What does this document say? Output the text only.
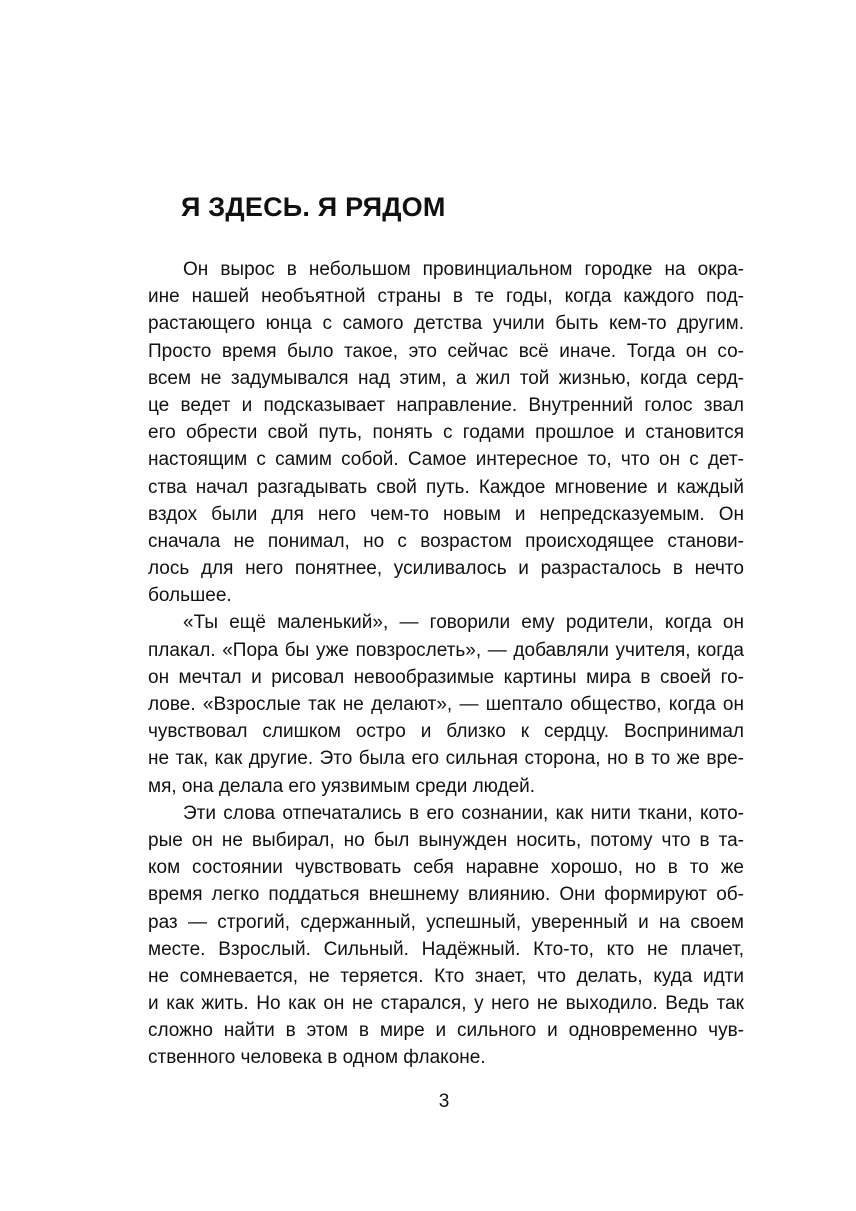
Я ЗДЕСЬ. Я РЯДОМ
Он вырос в небольшом провинциальном городке на окра-
ине нашей необъятной страны в те годы, когда каждого под-
растающего юнца с самого детства учили быть кем-то другим.
Просто время было такое, это сейчас всё иначе. Тогда он со-
всем не задумывался над этим, а жил той жизнью, когда серд-
це ведет и подсказывает направление. Внутренний голос звал
его обрести свой путь, понять с годами прошлое и становится
настоящим с самим собой. Самое интересное то, что он с дет-
ства начал разгадывать свой путь. Каждое мгновение и каждый
вздох были для него чем-то новым и непредсказуемым. Он
сначала не понимал, но с возрастом происходящее станови-
лось для него понятнее, усиливалось и разрасталось в нечто
большее.
«Ты ещё маленький», — говорили ему родители, когда он
плакал. «Пора бы уже повзрослеть», — добавляли учителя, когда
он мечтал и рисовал невообразимые картины мира в своей го-
лове. «Взрослые так не делают», — шептало общество, когда он
чувствовал слишком остро и близко к сердцу. Воспринимал
не так, как другие. Это была его сильная сторона, но в то же вре-
мя, она делала его уязвимым среди людей.
Эти слова отпечатались в его сознании, как нити ткани, кото-
рые он не выбирал, но был вынужден носить, потому что в та-
ком состоянии чувствовать себя наравне хорошо, но в то же
время легко поддаться внешнему влиянию. Они формируют об-
раз — строгий, сдержанный, успешный, уверенный и на своем
месте. Взрослый. Сильный. Надёжный. Кто-то, кто не плачет,
не сомневается, не теряется. Кто знает, что делать, куда идти
и как жить. Но как он не старался, у него не выходило. Ведь так
сложно найти в этом в мире и сильного и одновременно чув-
ственного человека в одном флаконе.
3
